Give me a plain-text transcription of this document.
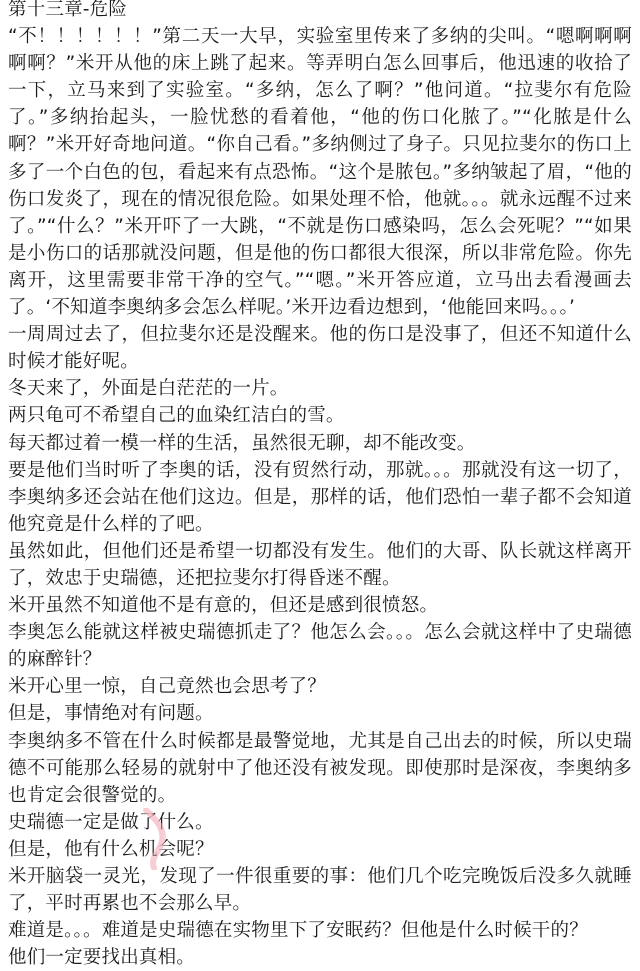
第十三章-危险

“不！！！！！！”第二天一大早，实验室里传来了多纳的尖叫。“嗯啊啊啊啊啊？”米开从他的床上跳了起来。等弄明白怎么回事后，他迅速的收拾了一下，立马来到了实验室。“多纳，怎么了啊？”他问道。“拉斐尔有危险了。”多纳抬起头，一脸忧愁的看着他，“他的伤口化脓了。”“化脓是什么啊？”米开好奇地问道。“你自己看。”多纳侧过了身子。只见拉斐尔的伤口上多了一个白色的包，看起来有点恐怖。“这个是脓包。”多纳皱起了眉，“他的伤口发炎了，现在的情况很危险。如果处理不恰，他就。。。就永远醒不过来了。”“什么？”米开吓了一大跳，“不就是伤口感染吗，怎么会死呢？”“如果是小伤口的话那就没问题，但是他的伤口都很大很深，所以非常危险。你先离开，这里需要非常干净的空气。”“嗯。”米开答应道，立马出去看漫画去了。‘不知道李奥纳多会怎么样呢。’米开边看边想到，‘他能回来吗。。。’

一周周过去了，但拉斐尔还是没醒来。他的伤口是没事了，但还不知道什么时候才能好呢。

冬天来了，外面是白茫茫的一片。

两只龟可不希望自己的血染红洁白的雪。

每天都过着一模一样的生活，虽然很无聊，却不能改变。

要是他们当时听了李奥的话，没有贸然行动，那就。。。那就没有这一切了，李奥纳多还会站在他们这边。但是，那样的话，他们恐怕一辈子都不会知道他究竟是什么样的了吧。

虽然如此，但他们还是希望一切都没有发生。他们的大哥、队长就这样离开了，效忠于史瑞德，还把拉斐尔打得昏迷不醒。

米开虽然不知道他不是有意的，但还是感到很愤怒。

李奥怎么能就这样被史瑞德抓走了？他怎么会。。。怎么会就这样中了史瑞德的麻醉针？

米开心里一惊，自己竟然也会思考了？

但是，事情绝对有问题。

李奥纳多不管在什么时候都是最警觉地，尤其是自己出去的时候，所以史瑞德不可能那么轻易的就射中了他还没有被发现。即使那时是深夜，李奥纳多也肯定会很警觉的。

史瑞德一定是做了什么。

但是，他有什么机会呢？

米开脑袋一灵光，发现了一件很重要的事：他们几个吃完晚饭后没多久就睡了，平时再累也不会那么早。

难道是。。。难道是史瑞德在实物里下了安眠药？但他是什么时候干的？

他们一定要找出真相。
